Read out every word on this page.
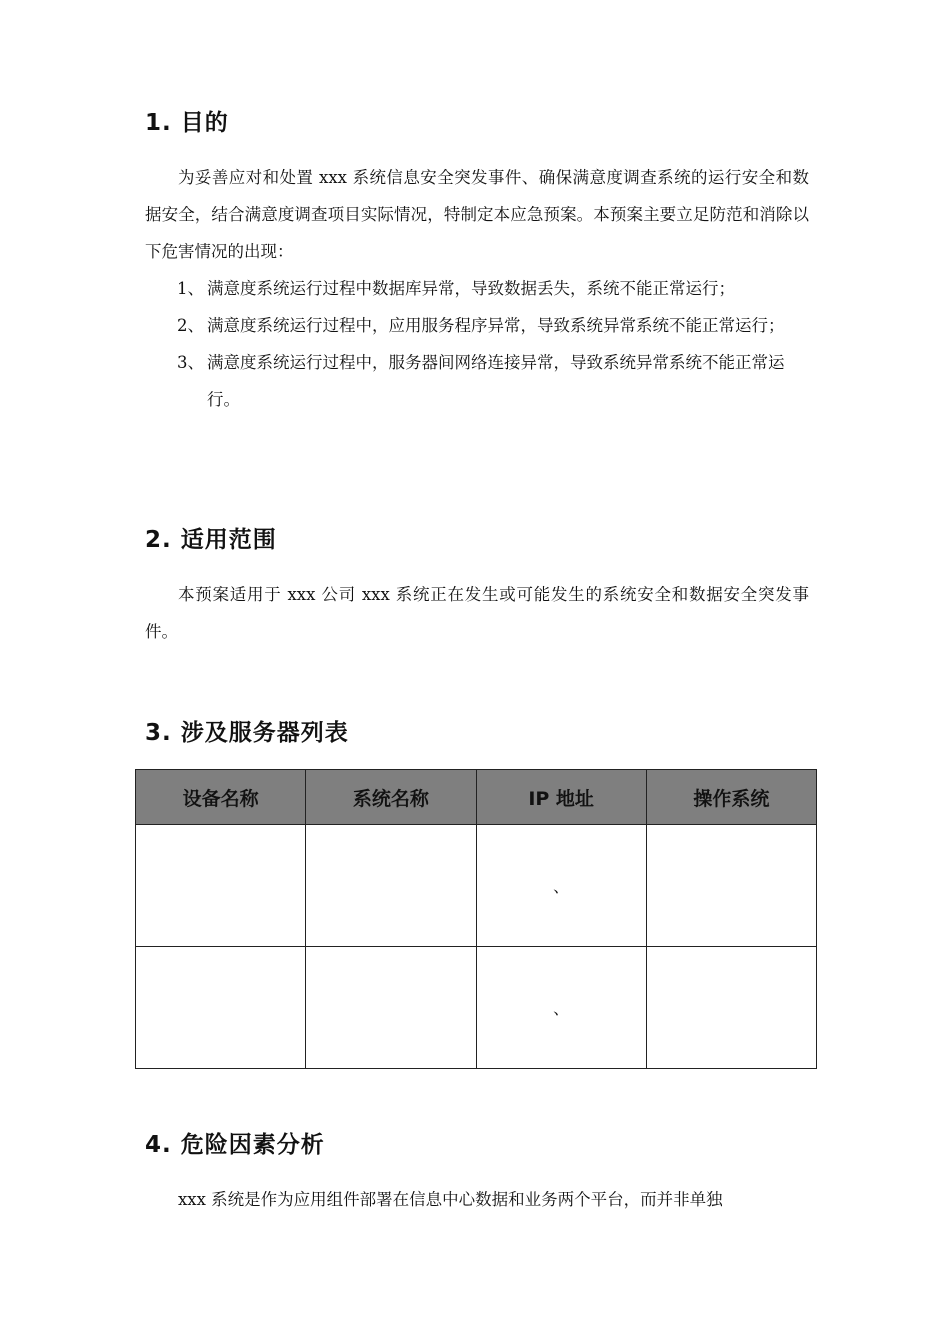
1. 目的

为妥善应对和处置 xxx 系统信息安全突发事件、确保满意度调查系统的运行安全和数据安全，结合满意度调查项目实际情况，特制定本应急预案。本预案主要立足防范和消除以下危害情况的出现：

1、 满意度系统运行过程中数据库异常，导致数据丢失，系统不能正常运行；
2、 满意度系统运行过程中，应用服务程序异常，导致系统异常系统不能正常运行；
3、 满意度系统运行过程中，服务器间网络连接异常，导致系统异常系统不能正常运行。
2. 适用范围

本预案适用于 xxx 公司 xxx 系统正在发生或可能发生的系统安全和数据安全突发事件。

3. 涉及服务器列表
设备名称	系统名称	IP 地址	操作系统
		、	
		、	
4. 危险因素分析

xxx 系统是作为应用组件部署在信息中心数据和业务两个平台，而并非单独
